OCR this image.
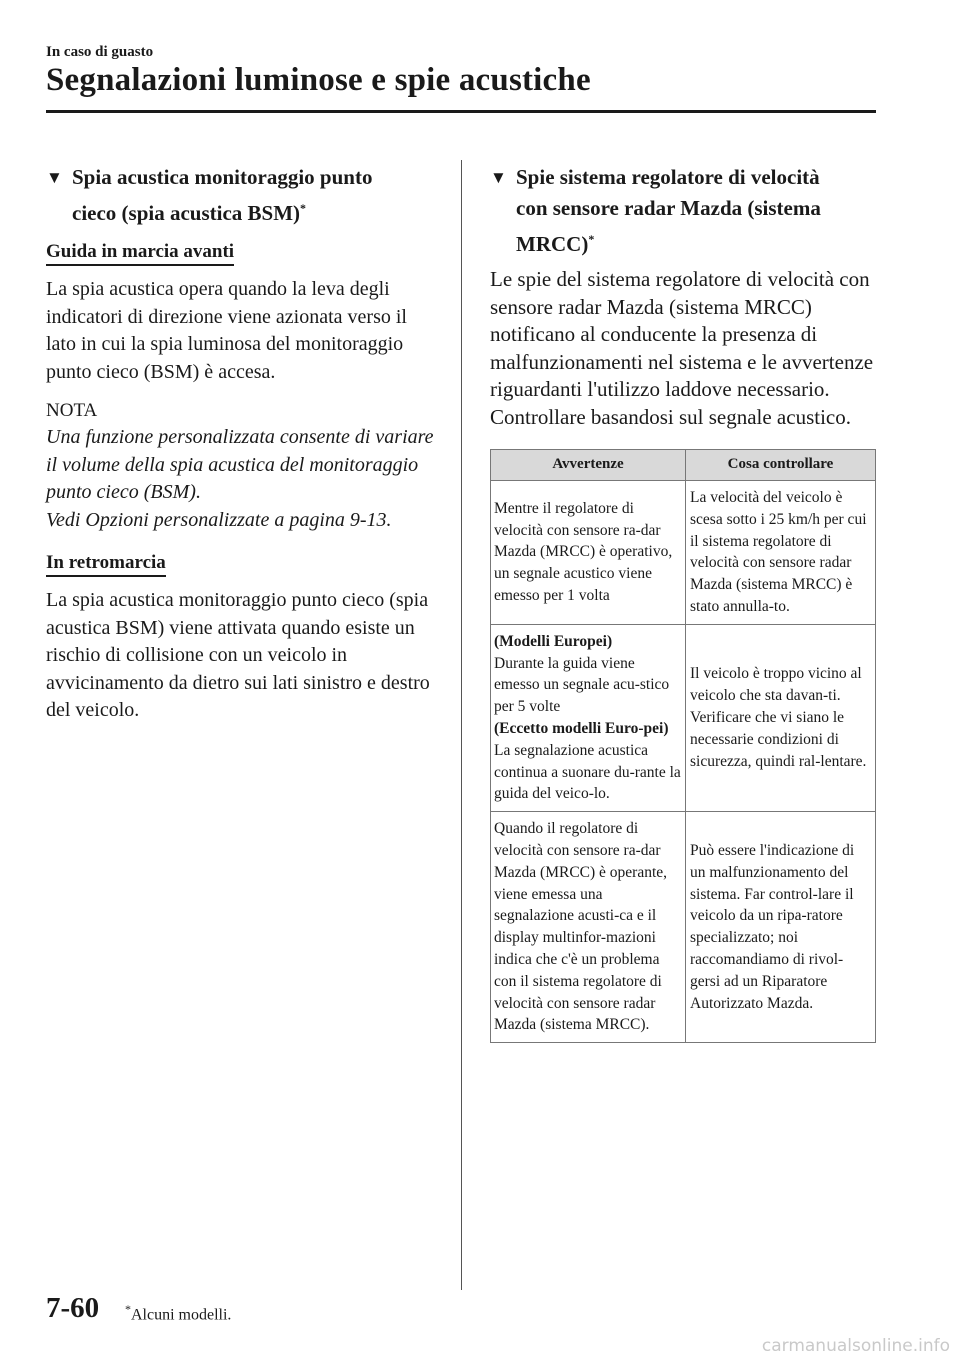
In caso di guasto
Segnalazioni luminose e spie acustiche
▼ Spia acustica monitoraggio punto
cieco (spia acustica BSM)*
Guida in marcia avanti

La spia acustica opera quando la leva degli indicatori di direzione viene azionata verso il lato in cui la spia luminosa del monitoraggio punto cieco (BSM) è accesa.

NOTA

Una funzione personalizzata consente di variare il volume della spia acustica del monitoraggio punto cieco (BSM).
Vedi Opzioni personalizzate a pagina 9-13.

In retromarcia

La spia acustica monitoraggio punto cieco (spia acustica BSM) viene attivata quando esiste un rischio di collisione con un veicolo in avvicinamento da dietro sui lati sinistro e destro del veicolo.

▼ Spie sistema regolatore di velocità
con sensore radar Mazda (sistema
MRCC)*

Le spie del sistema regolatore di velocità con sensore radar Mazda (sistema MRCC) notificano al conducente la presenza di malfunzionamenti nel sistema e le avvertenze riguardanti l'utilizzo laddove necessario.
Controllare basandosi sul segnale acustico.

Avvertenze	Cosa controllare
Mentre il regolatore di velocità con sensore ra-dar Mazda (MRCC) è operativo, un segnale acustico viene emesso per 1 volta	La velocità del veicolo è scesa sotto i 25 km/h per cui il sistema regolatore di velocità con sensore radar Mazda (sistema MRCC) è stato annulla-to.

(Modelli Europei)
Durante la guida viene emesso un segnale acu-stico per 5 volte
(Eccetto modelli Euro-pei)
La segnalazione acustica continua a suonare du-rante la guida del veico-lo.	Il veicolo è troppo vicino al veicolo che sta davan-ti. Verificare che vi siano le necessarie condizioni di sicurezza, quindi ral-lentare.
Quando il regolatore di velocità con sensore ra-dar Mazda (MRCC) è operante, viene emessa una segnalazione acusti-ca e il display multinfor-mazioni indica che c'è un problema con il sistema regolatore di velocità con sensore radar Mazda (sistema MRCC).	Può essere l'indicazione di un malfunzionamento del sistema. Far control-lare il veicolo da un ripa-ratore specializzato; noi raccomandiamo di rivol-gersi ad un Riparatore Autorizzato Mazda.
7-60 *Alcuni modelli.
carmanualsonline.info
